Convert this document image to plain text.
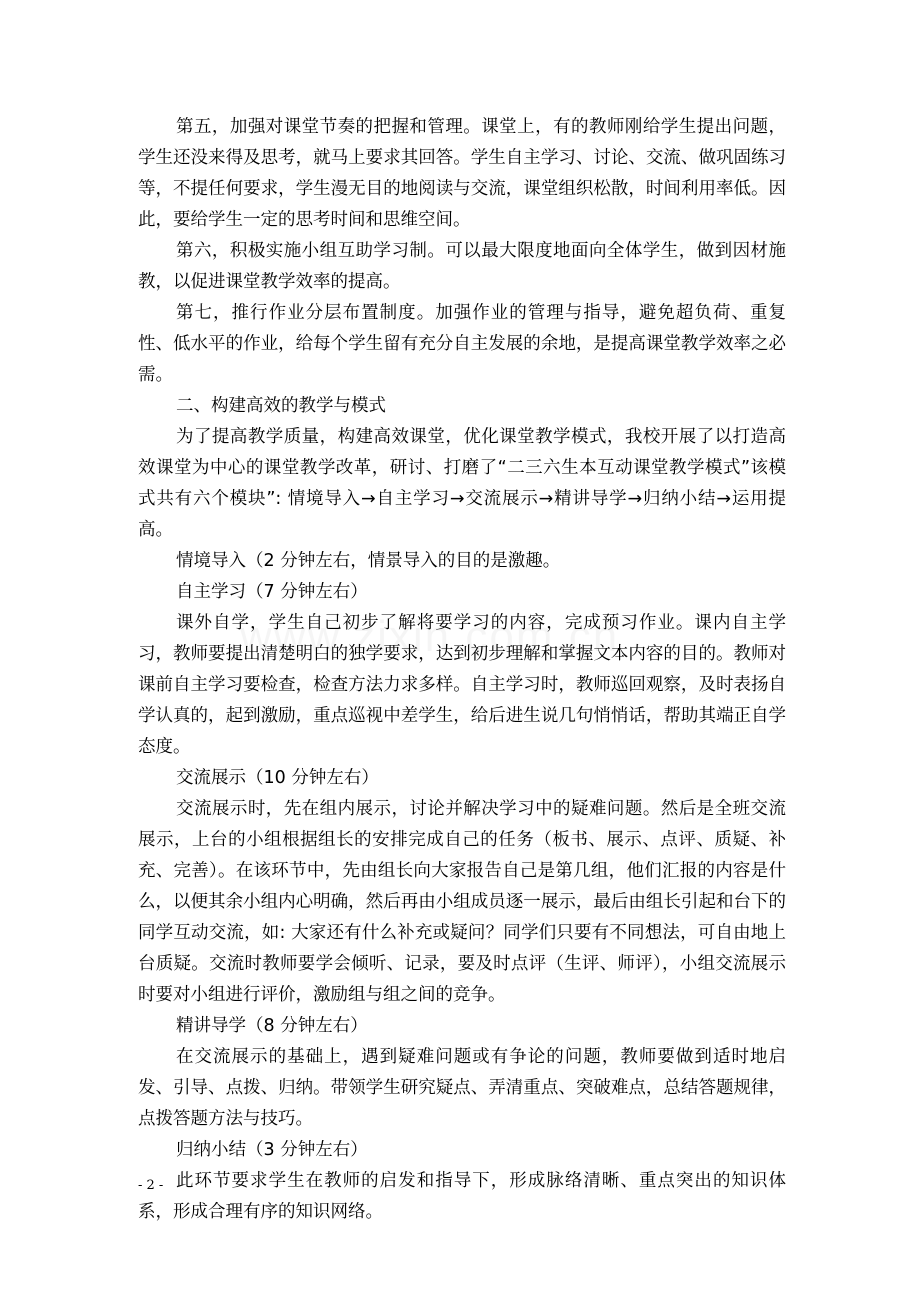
第五，加强对课堂节奏的把握和管理。课堂上，有的教师刚给学生提出问题，学生还没来得及思考，就马上要求其回答。学生自主学习、讨论、交流、做巩固练习等，不提任何要求，学生漫无目的地阅读与交流，课堂组织松散，时间利用率低。因此，要给学生一定的思考时间和思维空间。

第六，积极实施小组互助学习制。可以最大限度地面向全体学生，做到因材施教，以促进课堂教学效率的提高。

第七，推行作业分层布置制度。加强作业的管理与指导，避免超负荷、重复性、低水平的作业，给每个学生留有充分自主发展的余地，是提高课堂教学效率之必需。

二、构建高效的教学与模式

为了提高教学质量，构建高效课堂，优化课堂教学模式，我校开展了以打造高效课堂为中心的课堂教学改革，研讨、打磨了“二三六生本互动课堂教学模式”该模式共有六个模块”: 情境导入→自主学习→交流展示→精讲导学→归纳小结→运用提高。

情境导入（2 分钟左右，情景导入的目的是激趣。

自主学习（7 分钟左右）

课外自学，学生自己初步了解将要学习的内容，完成预习作业。课内自主学习，教师要提出清楚明白的独学要求，达到初步理解和掌握文本内容的目的。教师对课前自主学习要检查，检查方法力求多样。自主学习时，教师巡回观察，及时表扬自学认真的，起到激励，重点巡视中差学生，给后进生说几句悄悄话，帮助其端正自学态度。

交流展示（10 分钟左右）

交流展示时，先在组内展示，讨论并解决学习中的疑难问题。然后是全班交流展示，上台的小组根据组长的安排完成自己的任务（板书、展示、点评、质疑、补充、完善）。在该环节中，先由组长向大家报告自己是第几组，他们汇报的内容是什么，以便其余小组内心明确，然后再由小组成员逐一展示，最后由组长引起和台下的同学互动交流，如: 大家还有什么补充或疑问？同学们只要有不同想法，可自由地上台质疑。交流时教师要学会倾听、记录，要及时点评（生评、师评），小组交流展示时要对小组进行评价，激励组与组之间的竞争。

精讲导学（8 分钟左右）

在交流展示的基础上，遇到疑难问题或有争论的问题，教师要做到适时地启发、引导、点拨、归纳。带领学生研究疑点、弄清重点、突破难点，总结答题规律，点拨答题方法与技巧。

归纳小结（3 分钟左右）

此环节要求学生在教师的启发和指导下，形成脉络清晰、重点突出的知识体系，形成合理有序的知识网络。

- 2 -
